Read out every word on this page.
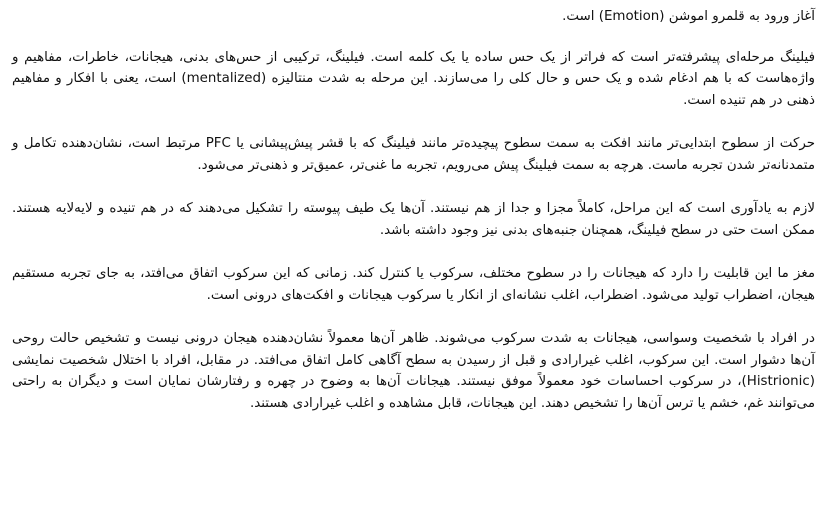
آغاز ورود به قلمرو اموشن (Emotion) است.

فیلینگ مرحله‌ای پیشرفته‌تر است که فراتر از یک حس ساده یا یک کلمه است. فیلینگ، ترکیبی از حس‌های بدنی، هیجانات، خاطرات، مفاهیم و واژه‌هاست که با هم ادغام شده و یک حس و حال کلی را می‌سازند. این مرحله به شدت منتالیزه (mentalized) است، یعنی با افکار و مفاهیم ذهنی در هم تنیده است.

حرکت از سطوح ابتدایی‌تر مانند افکت به سمت سطوح پیچیده‌تر مانند فیلینگ که با قشر پیش‌پیشانی یا PFC مرتبط است، نشان‌دهنده تکامل و متمدنانه‌تر شدن تجربه ماست. هرچه به سمت فیلینگ پیش می‌رویم، تجربه ما غنی‌تر، عمیق‌تر و ذهنی‌تر می‌شود.

لازم به یادآوری است که این مراحل، کاملاً مجزا و جدا از هم نیستند. آن‌ها یک طیف پیوسته را تشکیل می‌دهند که در هم تنیده و لایه‌لایه هستند. ممکن است حتی در سطح فیلینگ، همچنان جنبه‌های بدنی نیز وجود داشته باشد.

مغز ما این قابلیت را دارد که هیجانات را در سطوح مختلف، سرکوب یا کنترل کند. زمانی که این سرکوب اتفاق می‌افتد، به جای تجربه مستقیم هیجان، اضطراب تولید می‌شود. اضطراب، اغلب نشانه‌ای از انکار یا سرکوب هیجانات و افکت‌های درونی است.

در افراد با شخصیت وسواسی، هیجانات به شدت سرکوب می‌شوند. ظاهر آن‌ها معمولاً نشان‌دهنده هیجان درونی نیست و تشخیص حالت روحی آن‌ها دشوار است. این سرکوب، اغلب غیرارادی و قبل از رسیدن به سطح آگاهی کامل اتفاق می‌افتد. در مقابل، افراد با اختلال شخصیت نمایشی (Histrionic)، در سرکوب احساسات خود معمولاً موفق نیستند. هیجانات آن‌ها به وضوح در چهره و رفتارشان نمایان است و دیگران به راحتی می‌توانند غم، خشم یا ترس آن‌ها را تشخیص دهند. این هیجانات، قابل مشاهده و اغلب غیرارادی هستند.
